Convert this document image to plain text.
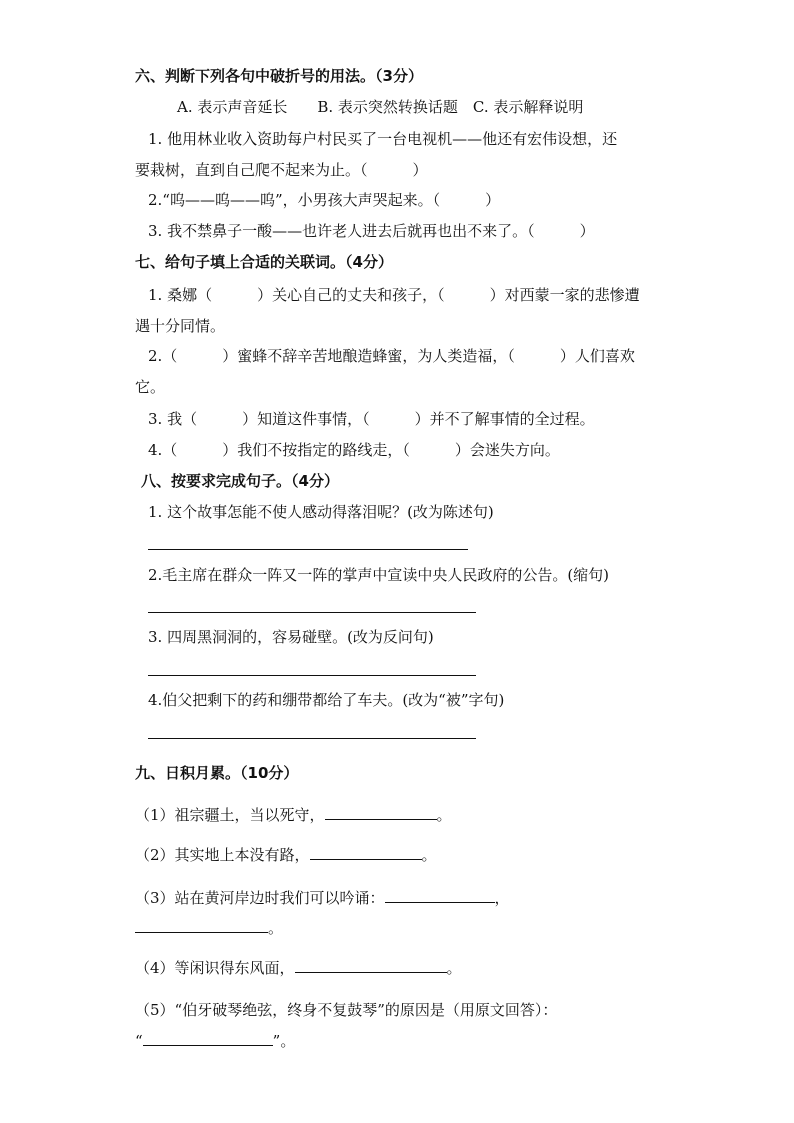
六、判断下列各句中破折号的用法。（3分）
A. 表示声音延长　　B. 表示突然转换话题　C. 表示解释说明
1. 他用林业收入资助每户村民买了一台电视机——他还有宏伟设想，还
要栽树，直到自己爬不起来为止。（　　　）
2.“呜——呜——呜”，小男孩大声哭起来。（　　　）
3. 我不禁鼻子一酸——也许老人进去后就再也出不来了。（　　　）
七、给句子填上合适的关联词。（4分）
1. 桑娜（　　　）关心自己的丈夫和孩子，（　　　）对西蒙一家的悲惨遭
遇十分同情。
2.（　　　）蜜蜂不辞辛苦地酿造蜂蜜，为人类造福，（　　　）人们喜欢
它。
3. 我（　　　）知道这件事情，（　　　）并不了解事情的全过程。
4.（　　　）我们不按指定的路线走，（　　　）会迷失方向。
八、按要求完成句子。（4分）
1. 这个故事怎能不使人感动得落泪呢？(改为陈述句)
2.毛主席在群众一阵又一阵的掌声中宣读中央人民政府的公告。(缩句)
3. 四周黑洞洞的，容易碰壁。(改为反问句)
4.伯父把剩下的药和绷带都给了车夫。(改为“被”字句)
九、日积月累。（10分）
（1）祖宗疆土，当以死守，	。
（2）其实地上本没有路，	。
（3）站在黄河岸边时我们可以吟诵：	，
。
（4）等闲识得东风面，	。
（5）“伯牙破琴绝弦，终身不复鼓琴”的原因是（用原文回答）：
“	”。
